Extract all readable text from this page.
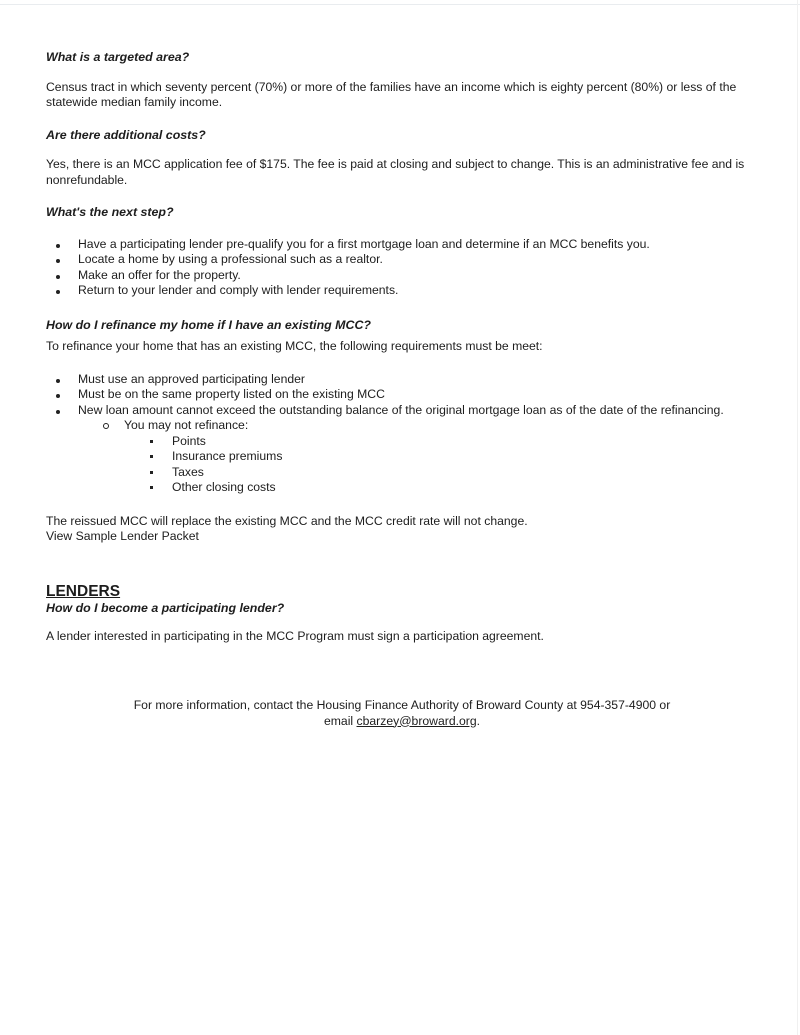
What is a targeted area?

Census tract in which seventy percent (70%) or more of the families have an income which is eighty percent (80%) or less of the statewide median family income.

Are there additional costs?

Yes, there is an MCC application fee of $175. The fee is paid at closing and subject to change. This is an administrative fee and is nonrefundable.

What's the next step?

Have a participating lender pre-qualify you for a first mortgage loan and determine if an MCC benefits you.
Locate a home by using a professional such as a realtor.
Make an offer for the property.
Return to your lender and comply with lender requirements.

How do I refinance my home if I have an existing MCC?

To refinance your home that has an existing MCC, the following requirements must be meet:

Must use an approved participating lender
Must be on the same property listed on the existing MCC
New loan amount cannot exceed the outstanding balance of the original mortgage loan as of the date of the refinancing.
You may not refinance:
Points
Insurance premiums
Taxes
Other closing costs

The reissued MCC will replace the existing MCC and the MCC credit rate will not change.

View Sample Lender Packet

LENDERS

How do I become a participating lender?

A lender interested in participating in the MCC Program must sign a participation agreement.

For more information, contact the Housing Finance Authority of Broward County at 954-357-4900 or
email cbarzey@broward.org.
